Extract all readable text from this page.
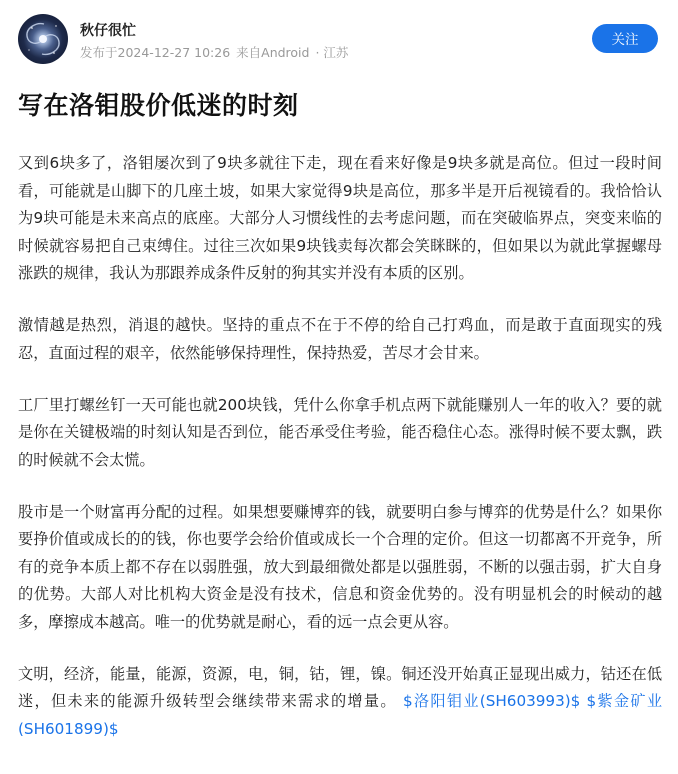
秋仔很忙
发布于2024-12-27 10:26 来自Android · 江苏
关注
写在洛钼股价低迷的时刻

又到6块多了，洛钼屡次到了9块多就往下走，现在看来好像是9块多就是高位。但过一段时间看，可能就是山脚下的几座土坡，如果大家觉得9块是高位，那多半是开后视镜看的。我恰恰认为9块可能是未来高点的底座。大部分人习惯线性的去考虑问题，而在突破临界点，突变来临的时候就容易把自己束缚住。过往三次如果9块钱卖每次都会笑眯眯的，但如果以为就此掌握螺母涨跌的规律，我认为那跟养成条件反射的狗其实并没有本质的区别。

激情越是热烈，消退的越快。坚持的重点不在于不停的给自己打鸡血，而是敢于直面现实的残忍，直面过程的艰辛，依然能够保持理性，保持热爱，苦尽才会甘来。

工厂里打螺丝钉一天可能也就200块钱，凭什么你拿手机点两下就能赚别人一年的收入？要的就是你在关键极端的时刻认知是否到位，能否承受住考验，能否稳住心态。涨得时候不要太飘，跌的时候就不会太慌。

股市是一个财富再分配的过程。如果想要赚博弈的钱，就要明白参与博弈的优势是什么？如果你要挣价值或成长的的钱，你也要学会给价值或成长一个合理的定价。但这一切都离不开竞争，所有的竞争本质上都不存在以弱胜强，放大到最细微处都是以强胜弱，不断的以强击弱，扩大自身的优势。大部人对比机构大资金是没有技术，信息和资金优势的。没有明显机会的时候动的越多，摩擦成本越高。唯一的优势就是耐心，看的远一点会更从容。

文明，经济，能量，能源，资源，电，铜，钴，锂，镍。铜还没开始真正显现出威力，钴还在低迷，但未来的能源升级转型会继续带来需求的增量。 $洛阳钼业(SH603993)$ $紫金矿业(SH601899)$
